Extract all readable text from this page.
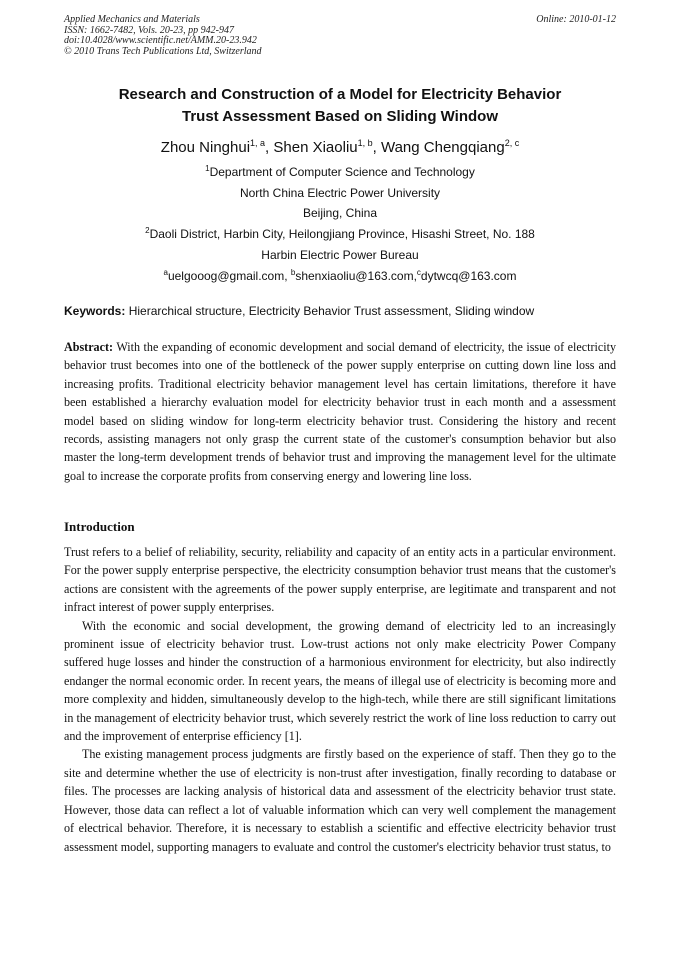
Applied Mechanics and Materials
ISSN: 1662-7482, Vols. 20-23, pp 942-947
doi:10.4028/www.scientific.net/AMM.20-23.942
© 2010 Trans Tech Publications Ltd, Switzerland
Online: 2010-01-12
Research and Construction of a Model for Electricity Behavior
Trust Assessment Based on Sliding Window
Zhou Ninghui$^{1, a}$, Shen Xiaoliu$^{1, b}$, Wang Chengqiang$^{2, c}$
$^1$Department of Computer Science and Technology
North China Electric Power University
Beijing, China
$^2$Daoli District, Harbin City, Heilongjiang Province, Hisashi Street, No. 188
Harbin Electric Power Bureau
$^a$uelgooog@gmail.com, $^b$shenxiaoliu@163.com,$^c$dytwcq@163.com
Keywords: Hierarchical structure, Electricity Behavior Trust assessment, Sliding window

Abstract: With the expanding of economic development and social demand of electricity, the issue of electricity behavior trust becomes into one of the bottleneck of the power supply enterprise on cutting down line loss and increasing profits. Traditional electricity behavior management level has certain limitations, therefore it have been established a hierarchy evaluation model for electricity behavior trust in each month and a assessment model based on sliding window for long-term electricity behavior trust. Considering the history and recent records, assisting managers not only grasp the current state of the customer's consumption behavior but also master the long-term development trends of behavior trust and improving the management level for the ultimate goal to increase the corporate profits from conserving energy and lowering line loss.

Introduction

Trust refers to a belief of reliability, security, reliability and capacity of an entity acts in a particular environment. For the power supply enterprise perspective, the electricity consumption behavior trust means that the customer's actions are consistent with the agreements of the power supply enterprise, are legitimate and transparent and not infract interest of power supply enterprises.

With the economic and social development, the growing demand of electricity led to an increasingly prominent issue of electricity behavior trust. Low-trust actions not only make electricity Power Company suffered huge losses and hinder the construction of a harmonious environment for electricity, but also indirectly endanger the normal economic order. In recent years, the means of illegal use of electricity is becoming more and more complexity and hidden, simultaneously develop to the high-tech, while there are still significant limitations in the management of electricity behavior trust, which severely restrict the work of line loss reduction to carry out and the improvement of enterprise efficiency [1].

The existing management process judgments are firstly based on the experience of staff. Then they go to the site and determine whether the use of electricity is non-trust after investigation, finally recording to database or files. The processes are lacking analysis of historical data and assessment of the electricity behavior trust state. However, those data can reflect a lot of valuable information which can very well complement the management of electrical behavior. Therefore, it is necessary to establish a scientific and effective electricity behavior trust assessment model, supporting managers to evaluate and control the customer's electricity behavior trust status, to
